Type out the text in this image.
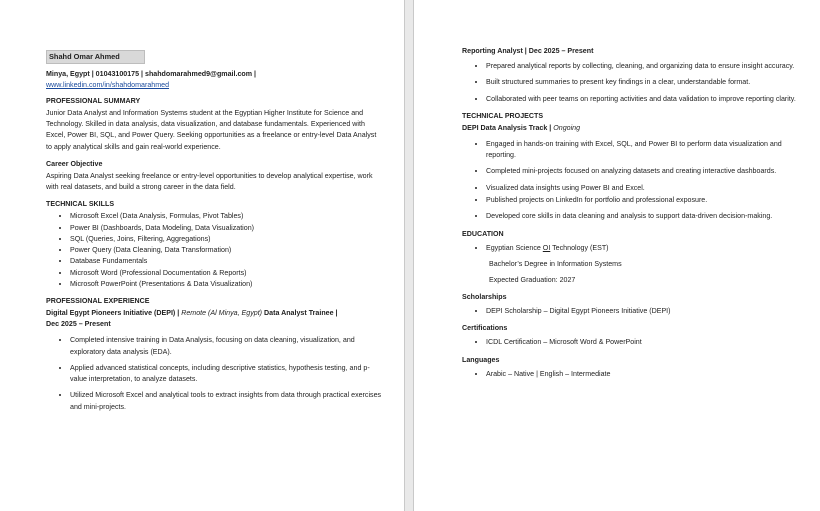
Shahd Omar Ahmed
Minya, Egypt | 01043100175 | shahdomarahmed9@gmail.com |
www.linkedin.com/in/shahdomarahmed
PROFESSIONAL SUMMARY

Junior Data Analyst and Information Systems student at the Egyptian Higher Institute for Science and Technology. Skilled in data analysis, data visualization, and database fundamentals. Experienced with Excel, Power BI, SQL, and Power Query. Seeking opportunities as a freelance or entry-level Data Analyst to apply analytical skills and gain real-world experience.

Career Objective

Aspiring Data Analyst seeking freelance or entry-level opportunities to develop analytical expertise, work with real datasets, and build a strong career in the data field.

TECHNICAL SKILLS
• Microsoft Excel (Data Analysis, Formulas, Pivot Tables)
• Power BI (Dashboards, Data Modeling, Data Visualization)
• SQL (Queries, Joins, Filtering, Aggregations)
• Power Query (Data Cleaning, Data Transformation)
• Database Fundamentals
• Microsoft Word (Professional Documentation & Reports)
• Microsoft PowerPoint (Presentations & Data Visualization)
PROFESSIONAL EXPERIENCE
Digital Egypt Pioneers Initiative (DEPI) | Remote (Al Minya, Egypt) Data Analyst Trainee |
Dec 2025 – Present
• Completed intensive training in Data Analysis, focusing on data cleaning, visualization, and exploratory data analysis (EDA).
• Applied advanced statistical concepts, including descriptive statistics, hypothesis testing, and p-value interpretation, to analyze datasets.
• Utilized Microsoft Excel and analytical tools to extract insights from data through practical exercises and mini-projects.
Reporting Analyst | Dec 2025 – Present
• Prepared analytical reports by collecting, cleaning, and organizing data to ensure insight accuracy.
• Built structured summaries to present key findings in a clear, understandable format.
• Collaborated with peer teams on reporting activities and data validation to improve reporting clarity.
TECHNICAL PROJECTS
DEPI Data Analysis Track | Ongoing
• Engaged in hands-on training with Excel, SQL, and Power BI to perform data visualization and reporting.
• Completed mini-projects focused on analyzing datasets and creating interactive dashboards.
• Visualized data insights using Power BI and Excel.
• Published projects on LinkedIn for portfolio and professional exposure.
• Developed core skills in data cleaning and analysis to support data-driven decision-making.
EDUCATION
• Egyptian Science OI Technology (EST)
Bachelor’s Degree in Information Systems
Expected Graduation: 2027
Scholarships
• DEPI Scholarship – Digital Egypt Pioneers Initiative (DEPI)
Certifications
• ICDL Certification – Microsoft Word & PowerPoint
Languages
• Arabic – Native | English – Intermediate
